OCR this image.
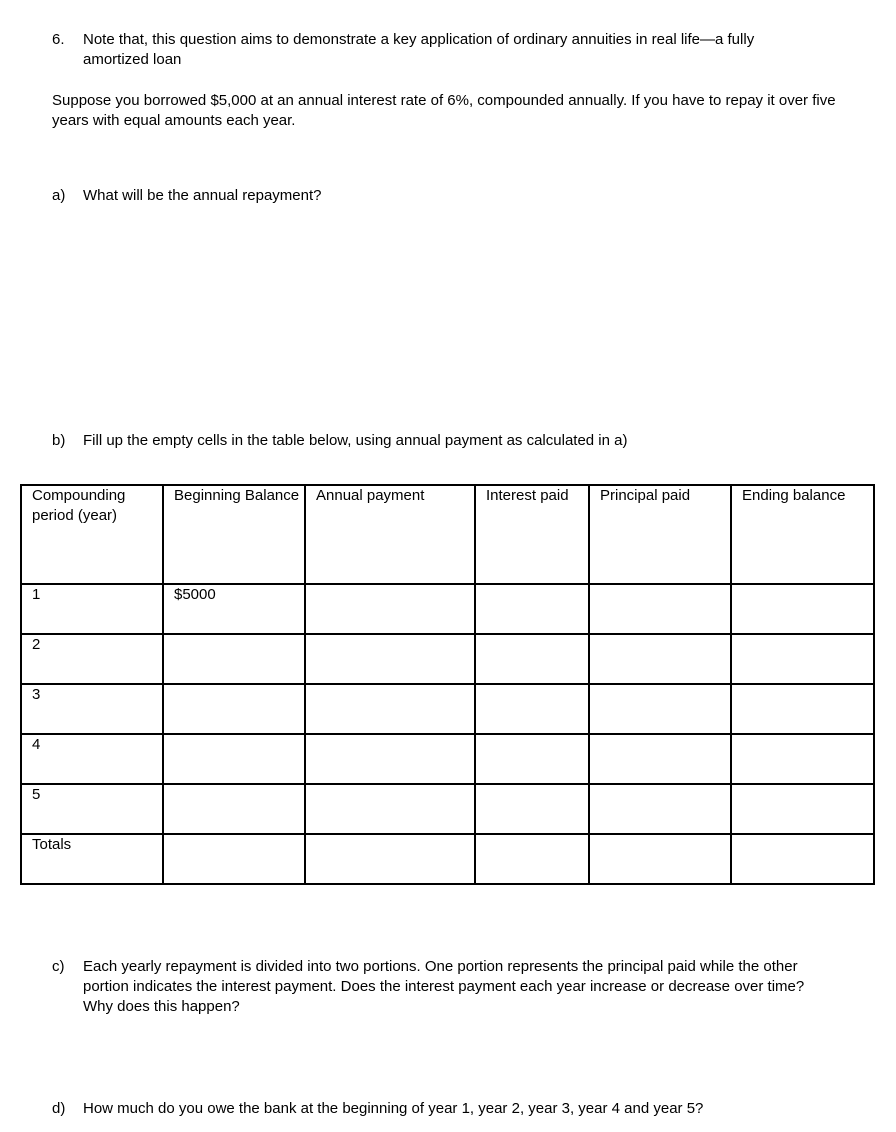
6.	Note that, this question aims to demonstrate a key application of ordinary annuities in real life—a fully amortized loan
Suppose you borrowed $5,000 at an annual interest rate of 6%, compounded annually. If you have to repay it over five years with equal amounts each year.
a)	What will be the annual repayment?
b)	Fill up the empty cells in the table below, using annual payment as calculated in a)
Compounding period (year)	Beginning Balance	Annual payment	Interest paid	Principal paid	Ending balance

1	$5000				

2					

3					

4					

5					

Totals					

c)	Each yearly repayment is divided into two portions. One portion represents the principal paid while the other portion indicates the interest payment. Does the interest payment each year increase or decrease over time? Why does this happen?
d)	How much do you owe the bank at the beginning of year 1, year 2, year 3, year 4 and year 5?
